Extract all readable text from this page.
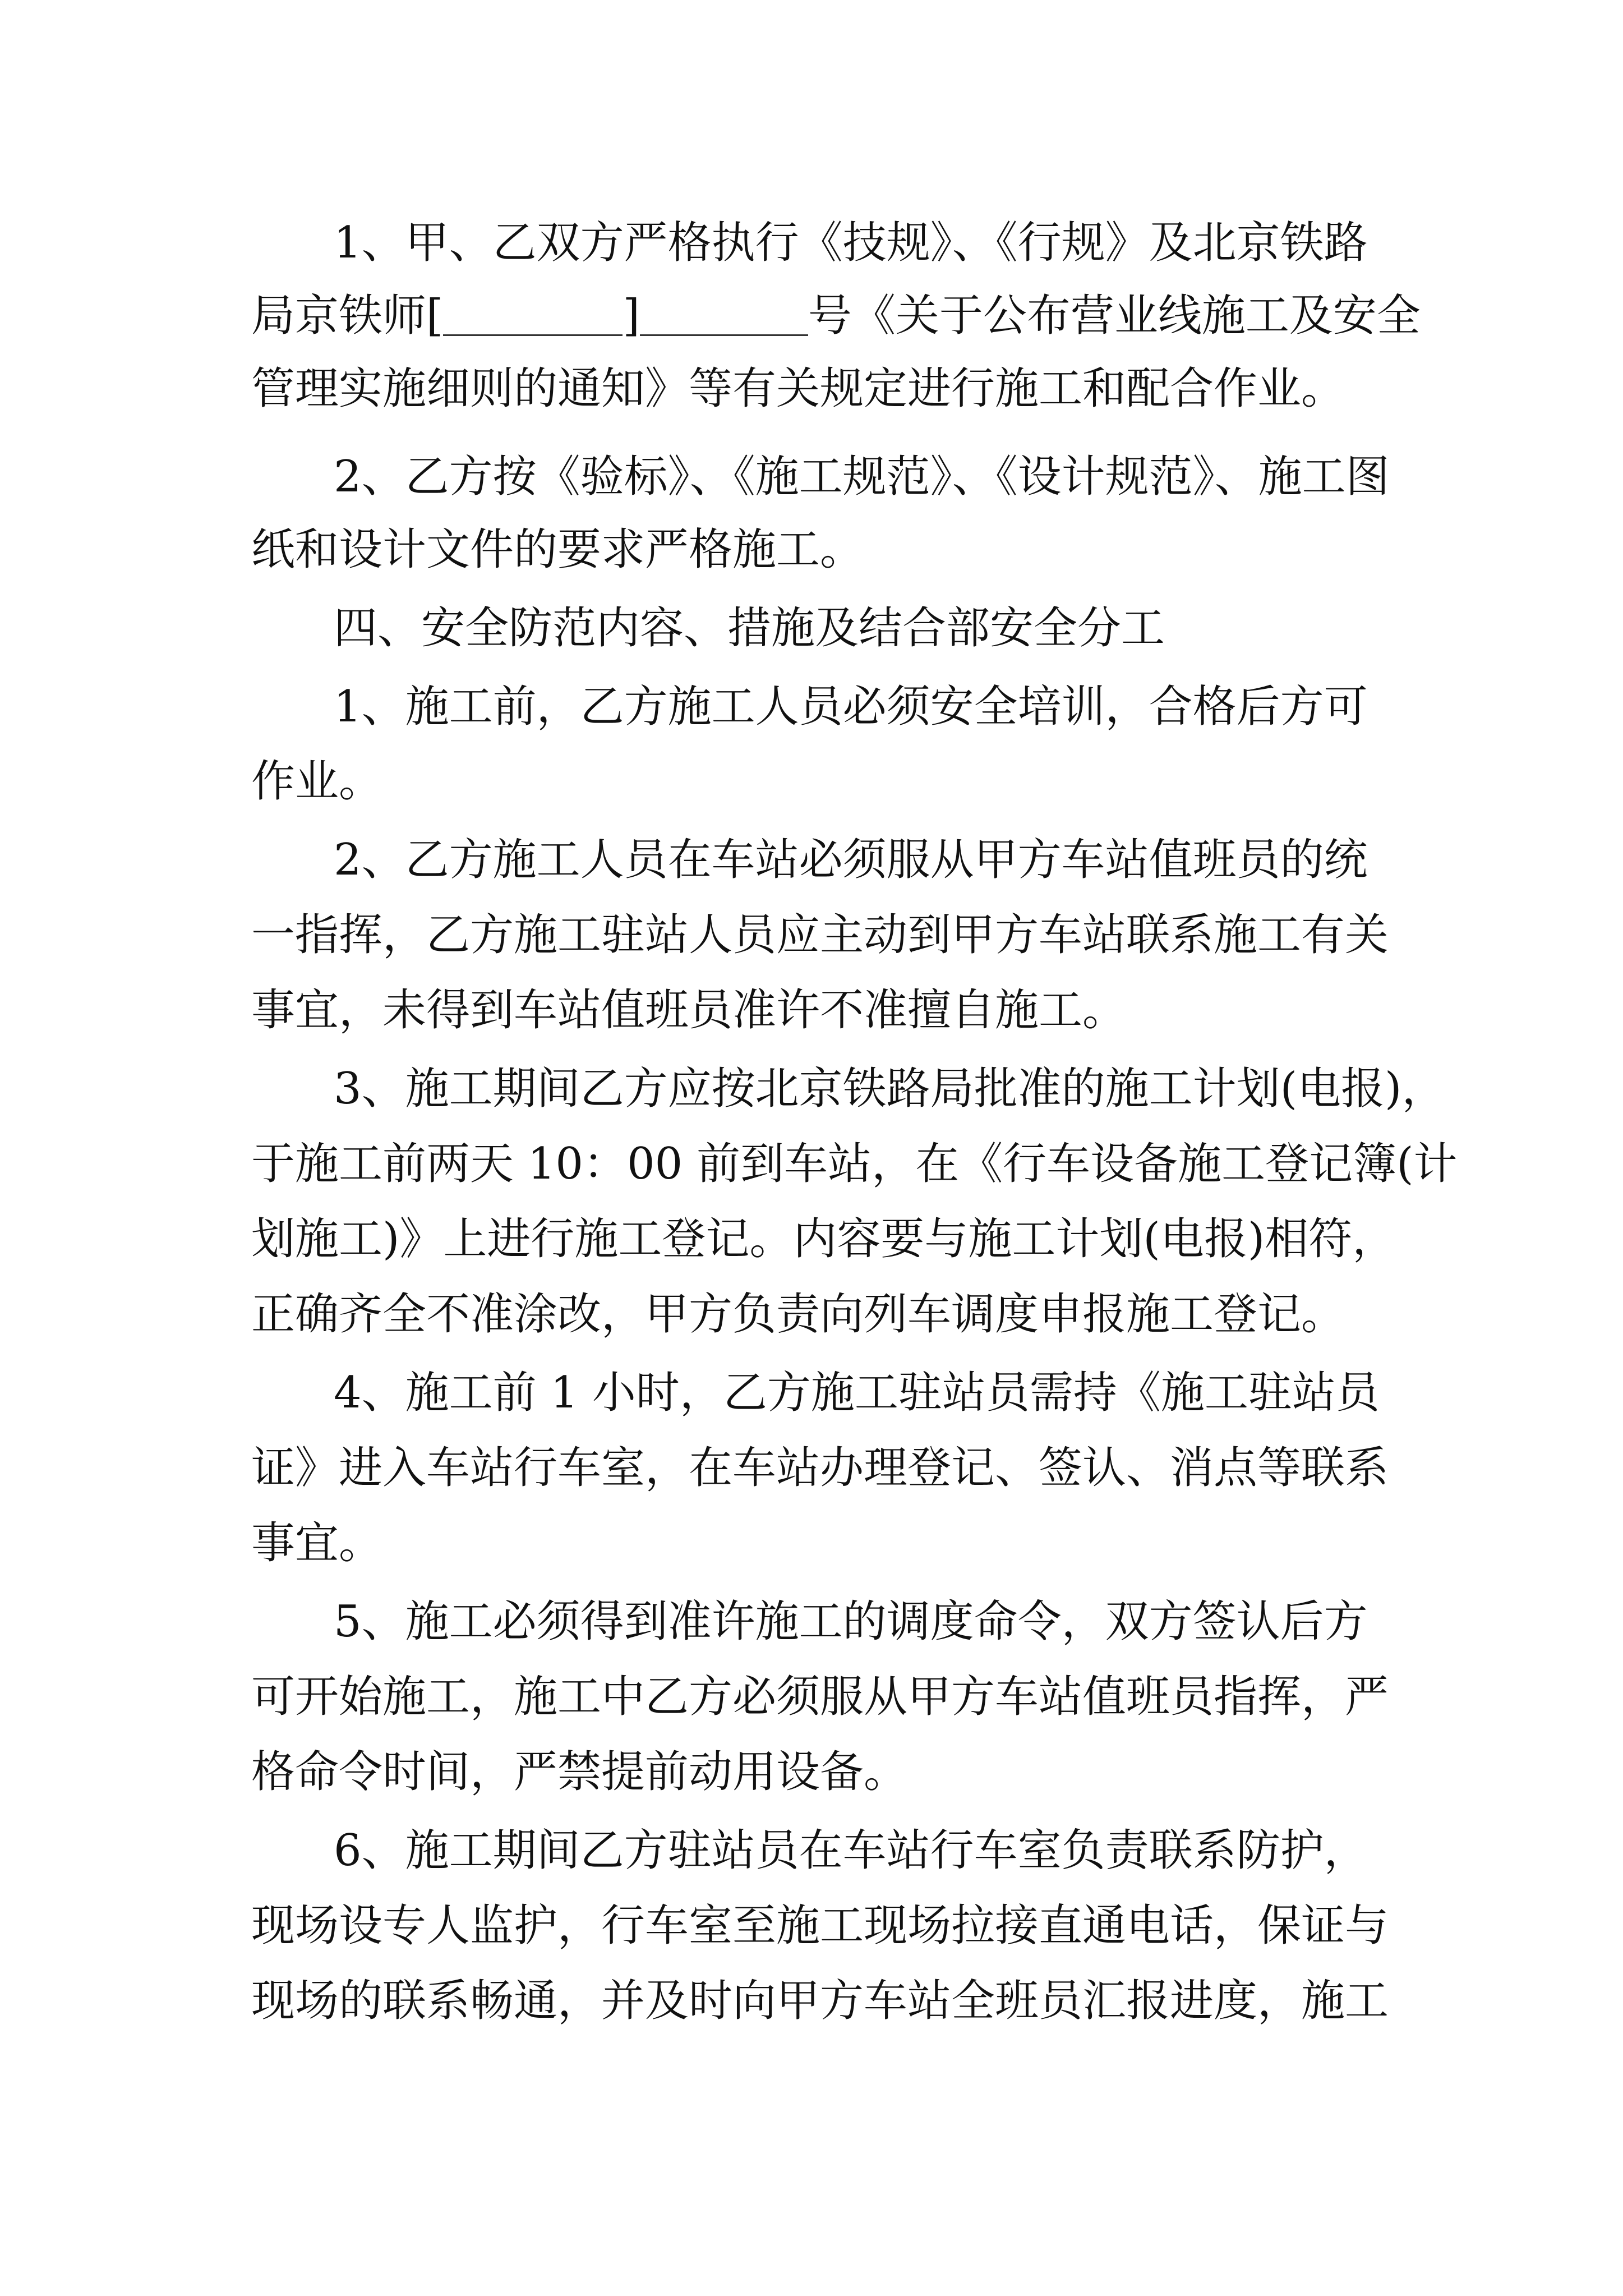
1、甲、乙双方严格执行《技规》、《行规》及北京铁路
局京铁师[	]	号《关于公布营业线施工及安全
管理实施细则的通知》等有关规定进行施工和配合作业。
2、乙方按《验标》、《施工规范》、《设计规范》、施工图
纸和设计文件的要求严格施工。
四、安全防范内容、措施及结合部安全分工
1、施工前，乙方施工人员必须安全培训，合格后方可
作业。
2、乙方施工人员在车站必须服从甲方车站值班员的统
一指挥，乙方施工驻站人员应主动到甲方车站联系施工有关
事宜，未得到车站值班员准许不准擅自施工。
3、施工期间乙方应按北京铁路局批准的施工计划(电报)，
于施工前两天 10：00 前到车站，在《行车设备施工登记簿(计
划施工)》上进行施工登记。内容要与施工计划(电报)相符，
正确齐全不准涂改，甲方负责向列车调度申报施工登记。
4、施工前 1 小时，乙方施工驻站员需持《施工驻站员
证》进入车站行车室，在车站办理登记、签认、消点等联系
事宜。
5、施工必须得到准许施工的调度命令，双方签认后方
可开始施工，施工中乙方必须服从甲方车站值班员指挥，严
格命令时间，严禁提前动用设备。
6、施工期间乙方驻站员在车站行车室负责联系防护，
现场设专人监护，行车室至施工现场拉接直通电话，保证与
现场的联系畅通，并及时向甲方车站全班员汇报进度，施工
